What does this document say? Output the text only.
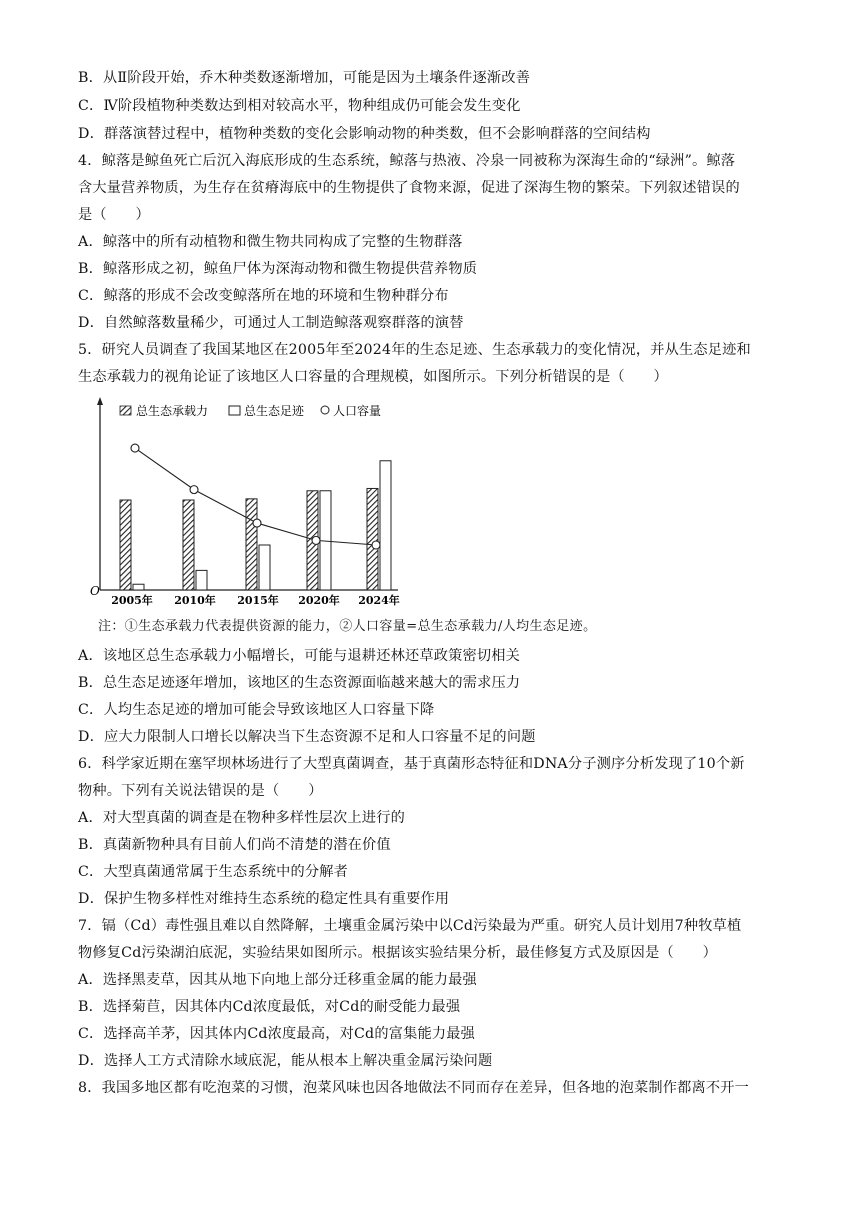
B．从Ⅱ阶段开始，乔木种类数逐渐增加，可能是因为土壤条件逐渐改善
C．Ⅳ阶段植物种类数达到相对较高水平，物种组成仍可能会发生变化
D．群落演替过程中，植物种类数的变化会影响动物的种类数，但不会影响群落的空间结构
4．鲸落是鲸鱼死亡后沉入海底形成的生态系统，鲸落与热液、冷泉一同被称为深海生命的“绿洲”。鲸落
含大量营养物质，为生存在贫瘠海底中的生物提供了食物来源，促进了深海生物的繁荣。下列叙述错误的
是（　　）
A．鲸落中的所有动植物和微生物共同构成了完整的生物群落
B．鲸落形成之初，鲸鱼尸体为深海动物和微生物提供营养物质
C．鲸落的形成不会改变鲸落所在地的环境和生物种群分布
D．自然鲸落数量稀少，可通过人工制造鲸落观察群落的演替
5．研究人员调查了我国某地区在2005年至2024年的生态足迹、生态承载力的变化情况，并从生态足迹和
生态承载力的视角论证了该地区人口容量的合理规模，如图所示。下列分析错误的是（　　）
总生态承载力	总生态足迹 人口容量
O
2005年 2010年 2015年 2020年 2024年
注：①生态承载力代表提供资源的能力，②人口容量=总生态承载力/人均生态足迹。
A．该地区总生态承载力小幅增长，可能与退耕还林还草政策密切相关
B．总生态足迹逐年增加，该地区的生态资源面临越来越大的需求压力
C．人均生态足迹的增加可能会导致该地区人口容量下降
D．应大力限制人口增长以解决当下生态资源不足和人口容量不足的问题
6．科学家近期在塞罕坝林场进行了大型真菌调查，基于真菌形态特征和DNA分子测序分析发现了10个新
物种。下列有关说法错误的是（　　）
A．对大型真菌的调查是在物种多样性层次上进行的
B．真菌新物种具有目前人们尚不清楚的潜在价值
C．大型真菌通常属于生态系统中的分解者
D．保护生物多样性对维持生态系统的稳定性具有重要作用
7．镉（Cd）毒性强且难以自然降解，土壤重金属污染中以Cd污染最为严重。研究人员计划用7种牧草植
物修复Cd污染湖泊底泥，实验结果如图所示。根据该实验结果分析，最佳修复方式及原因是（　　）
A．选择黑麦草，因其从地下向地上部分迁移重金属的能力最强
B．选择菊苣，因其体内Cd浓度最低，对Cd的耐受能力最强
C．选择高羊茅，因其体内Cd浓度最高，对Cd的富集能力最强
D．选择人工方式清除水域底泥，能从根本上解决重金属污染问题
8．我国多地区都有吃泡菜的习惯，泡菜风味也因各地做法不同而存在差异，但各地的泡菜制作都离不开一
